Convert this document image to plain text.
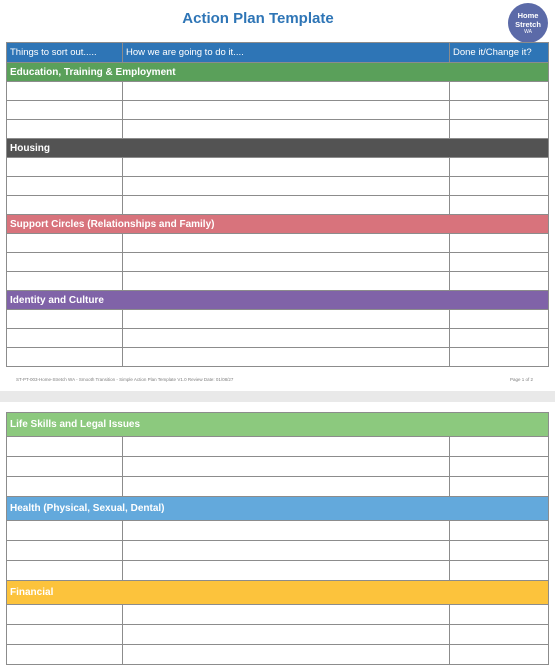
Action Plan Template	Home
Stretch
WA
Things to sort out.....	How we are going to do it....	Done it/Change it?
Education, Training & Employment		

Housing		

Support Circles (Relationships and Family)		

Identity and Culture		

ST-PT-003-Home-Stretch WA - Smooth Transition - Simple Action Plan Template V1.0 Review Date: 01/08/27	Page 1 of 2
Life Skills and Legal Issues		

Health (Physical, Sexual, Dental)		

Financial		
